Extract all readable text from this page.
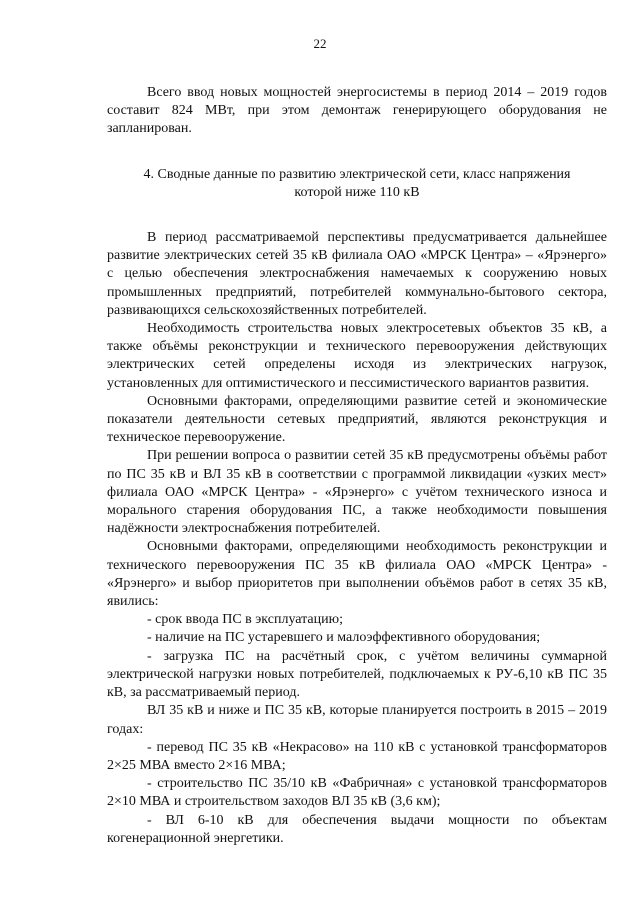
22

Всего ввод новых мощностей энергосистемы в период 2014 – 2019 годов составит 824 МВт, при этом демонтаж генерирующего оборудования не запланирован.

4. Сводные данные по развитию электрической сети, класс напряжения
которой ниже 110 кВ

В период рассматриваемой перспективы предусматривается дальнейшее развитие электрических сетей 35 кВ филиала ОАО «МРСК Центра» – «Ярэнерго» с целью обеспечения электроснабжения намечаемых к сооружению новых промышленных предприятий, потребителей коммунально-бытового сектора, развивающихся сельскохозяйственных потребителей.

Необходимость строительства новых электросетевых объектов 35 кВ, а также объёмы реконструкции и технического перевооружения действующих электрических сетей определены исходя из электрических нагрузок, установленных для оптимистического и пессимистического вариантов развития.

Основными факторами, определяющими развитие сетей и экономические показатели деятельности сетевых предприятий, являются реконструкция и техническое перевооружение.

При решении вопроса о развитии сетей 35 кВ предусмотрены объёмы работ по ПС 35 кВ и ВЛ 35 кВ в соответствии с программой ликвидации «узких мест» филиала ОАО «МРСК Центра» - «Ярэнерго» с учётом технического износа и морального старения оборудования ПС, а также необходимости повышения надёжности электроснабжения потребителей.

Основными факторами, определяющими необходимость реконструкции и технического перевооружения ПС 35 кВ филиала ОАО «МРСК Центра» - «Ярэнерго» и выбор приоритетов при выполнении объёмов работ в сетях 35 кВ, явились:

- срок ввода ПС в эксплуатацию;

- наличие на ПС устаревшего и малоэффективного оборудования;

- загрузка ПС на расчётный срок, с учётом величины суммарной электрической нагрузки новых потребителей, подключаемых к РУ-6,10 кВ ПС 35 кВ, за рассматриваемый период.

ВЛ 35 кВ и ниже и ПС 35 кВ, которые планируется построить в 2015 – 2019 годах:

- перевод ПС 35 кВ «Некрасово» на 110 кВ с установкой трансформаторов 2×25 МВА вместо 2×16 МВА;

- строительство ПС 35/10 кВ «Фабричная» с установкой трансформаторов 2×10 МВА и строительством заходов ВЛ 35 кВ (3,6 км);

- ВЛ 6-10 кВ для обеспечения выдачи мощности по объектам когенерационной энергетики.
